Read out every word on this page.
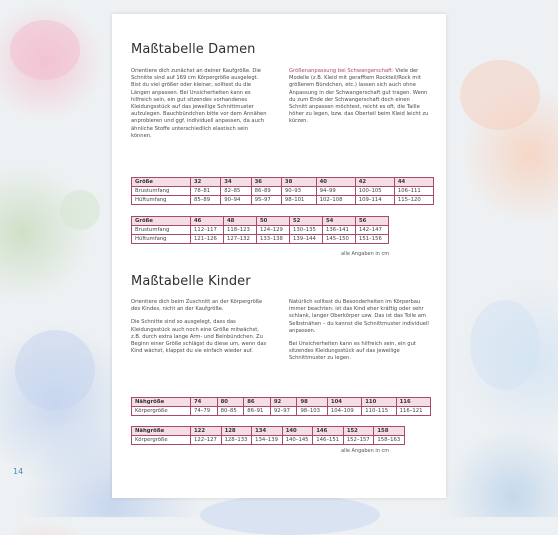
Maßtabelle Damen

Orientiere dich zunächst an deiner Kaufgröße. Die Schnitte sind auf 169 cm Körpergröße ausgelegt. Bist du viel größer oder kleiner, solltest du die Längen anpassen. Bei Unsicherheiten kann es hilfreich sein, ein gut sitzendes vorhandenes Kleidungsstück auf das jeweilige Schnittmuster aufzulegen. Bauchbündchen bitte vor dem Annähen anprobieren und ggf. individuell anpassen, da auch ähnliche Stoffe unterschiedlich elastisch sein können.

Größenanpassung bei Schwangerschaft: Viele der Modelle (z.B. Kleid mit gerafftem Rockteil/Rock mit größerem Bündchen, etc.) lassen sich auch ohne Anpassung in der Schwangerschaft gut tragen. Wenn du zum Ende der Schwangerschaft doch einen Schnitt anpassen möchtest, reicht es oft, die Taille höher zu legen, bzw. das Oberteil beim Kleid leicht zu kürzen.

Größe	32	34	36	38	40	42	44
Brustumfang	78–81	82–85	86–89	90–93	94–99	100–105	106–111
Hüftumfang	85–89	90–94	95–97	98–101	102–108	109–114	115–120
Größe	46	48	50	52	54	56
Brustumfang	112–117	118–123	124–129	130–135	136–141	142–147
Hüftumfang	121–126	127–132	133–138	139–144	145–150	151–156
alle Angaben in cm
Maßtabelle Kinder

Orientiere dich beim Zuschnitt an der Körpergröße des Kindes, nicht an der Kaufgröße.

Die Schnitte sind so ausgelegt, dass das Kleidungsstück auch noch eine Größe mitwächst, z.B. durch extra lange Arm- und Beinbündchen. Zu Beginn einer Größe schlägst du diese um, wenn das Kind wächst, klappst du sie einfach wieder auf.

Natürlich solltest du Besonderheiten im Körperbau immer beachten: ist das Kind eher kräftig oder sehr schlank, langer Oberkörper usw. Das ist das Tolle am Selbstnähen – du kannst die Schnittmuster individuell anpassen.

Bei Unsicherheiten kann es hilfreich sein, ein gut sitzendes Kleidungsstück auf das jeweilige Schnittmuster zu legen.

Nähgröße	74	80	86	92	98	104	110	116
Körpergröße	74–79	80–85	86–91	92–97	98–103	104–109	110–115	116–121
Nähgröße	122	128	134	140	146	152	158
Körpergröße	122–127	128–133	134–139	140–145	146–151	152–157	158–163
alle Angaben in cm
14
